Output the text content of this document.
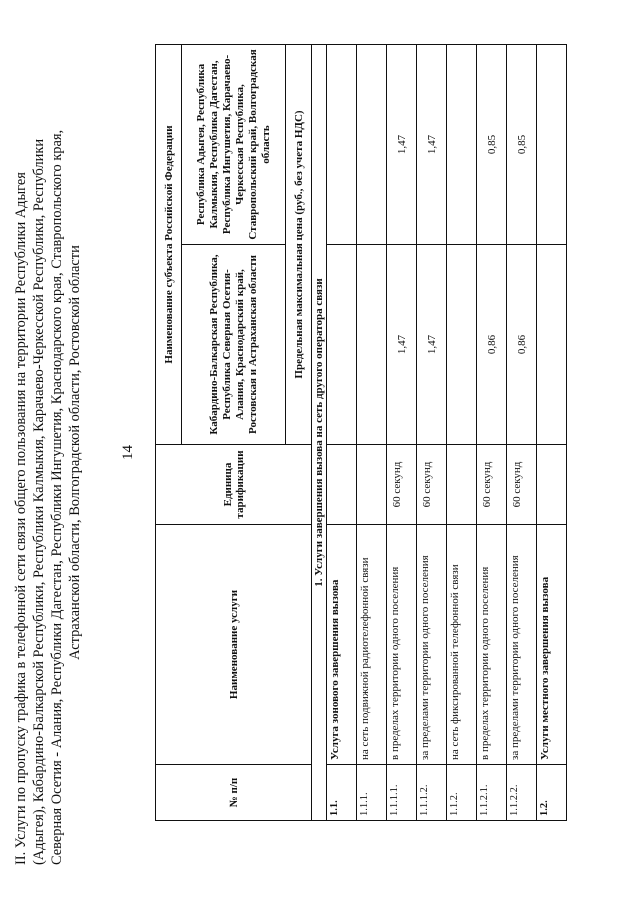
II. Услуги по пропуску трафика в телефонной сети связи общего пользования на территории Республики Адыгея (Адыгея), Кабардино-Балкарской Республики, Республики Калмыкия, Карачаево-Черкесской Республики, Республики Северная Осетия - Алания, Республики Дагестан, Республики Ингушетия, Краснодарского края, Ставропольского края, Астраханской области, Волгоградской области, Ростовской области 14
№ п/п	Наименование услуги	Единица тарификации	Наименование субъекта Российской Федерации	
			Кабардино-Балкарская Республика, Республика Северная Осетия-Алания, Краснодарский край, Ростовская и Астраханская области	Республика Адыгея, Республика Калмыкия, Республика Дагестан, Республика Ингушетия, Карачаево-Черкесская Республика, Ставропольский край, Волгоградская область
			Предельная максимальная цена (руб., без учета НДС)	
1. Услуги завершения вызова на сеть другого оператора связи				
1.1.	Услуга зонового завершения вызова			
1.1.1.	на сеть подвижной радиотелефонной связи			
1.1.1.1.	в пределах территории одного поселения	60 секунд	1,47	1,47
1.1.1.2.	за пределами территории одного поселения	60 секунд	1,47	1,47
1.1.2.	на сеть фиксированной телефонной связи			
1.1.2.1.	в пределах территории одного поселения	60 секунд	0,86	0,85
1.1.2.2.	за пределами территории одного поселения	60 секунд	0,86	0,85
1.2.	Услуги местного завершения вызова			
